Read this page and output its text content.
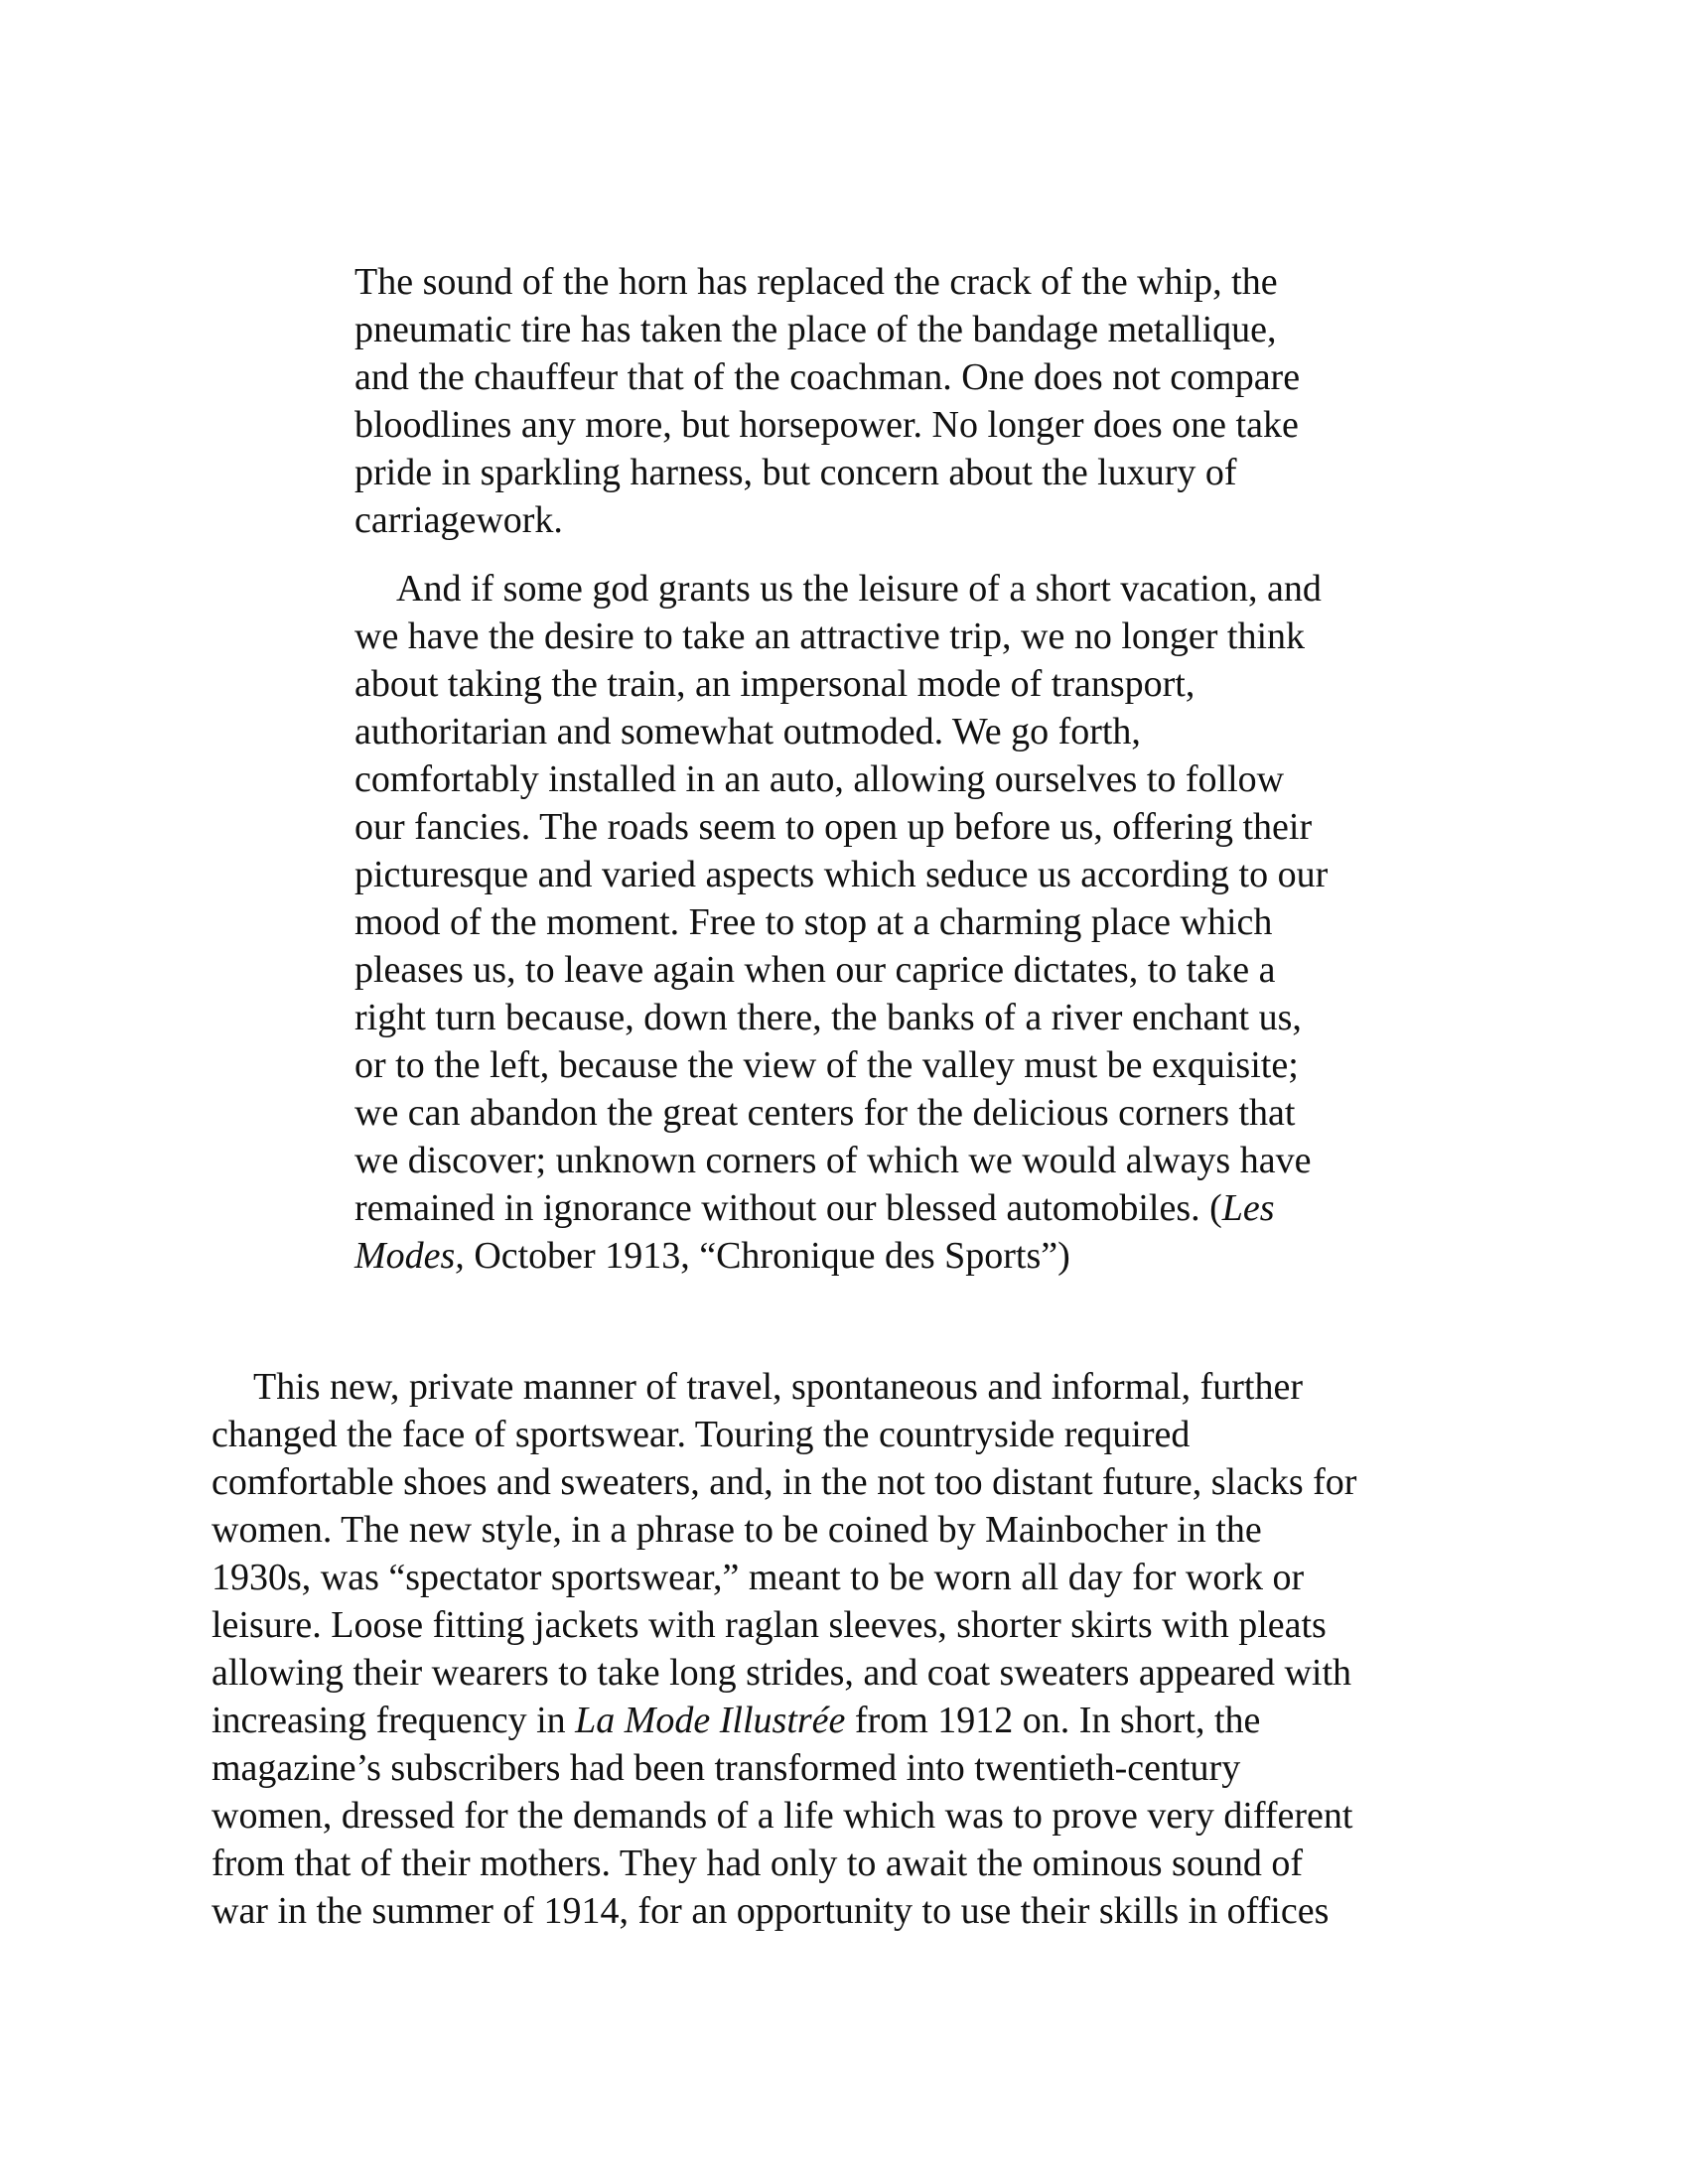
The sound of the horn has replaced the crack of the whip, the
pneumatic tire has taken the place of the bandage metallique,
and the chauffeur that of the coachman. One does not compare
bloodlines any more, but horsepower. No longer does one take
pride in sparkling harness, but concern about the luxury of
carriagework.

And if some god grants us the leisure of a short vacation, and
we have the desire to take an attractive trip, we no longer think
about taking the train, an impersonal mode of transport,
authoritarian and somewhat outmoded. We go forth,
comfortably installed in an auto, allowing ourselves to follow
our fancies. The roads seem to open up before us, offering their
picturesque and varied aspects which seduce us according to our
mood of the moment. Free to stop at a charming place which
pleases us, to leave again when our caprice dictates, to take a
right turn because, down there, the banks of a river enchant us,
or to the left, because the view of the valley must be exquisite;
we can abandon the great centers for the delicious corners that
we discover; unknown corners of which we would always have
remained in ignorance without our blessed automobiles. (Les
Modes, October 1913, “Chronique des Sports”)

This new, private manner of travel, spontaneous and informal, further
changed the face of sportswear. Touring the countryside required
comfortable shoes and sweaters, and, in the not too distant future, slacks for
women. The new style, in a phrase to be coined by Mainbocher in the
1930s, was “spectator sportswear,” meant to be worn all day for work or
leisure. Loose fitting jackets with raglan sleeves, shorter skirts with pleats
allowing their wearers to take long strides, and coat sweaters appeared with
increasing frequency in La Mode Illustrée from 1912 on. In short, the
magazine’s subscribers had been transformed into twentieth-century
women, dressed for the demands of a life which was to prove very different
from that of their mothers. They had only to await the ominous sound of
war in the summer of 1914, for an opportunity to use their skills in offices
